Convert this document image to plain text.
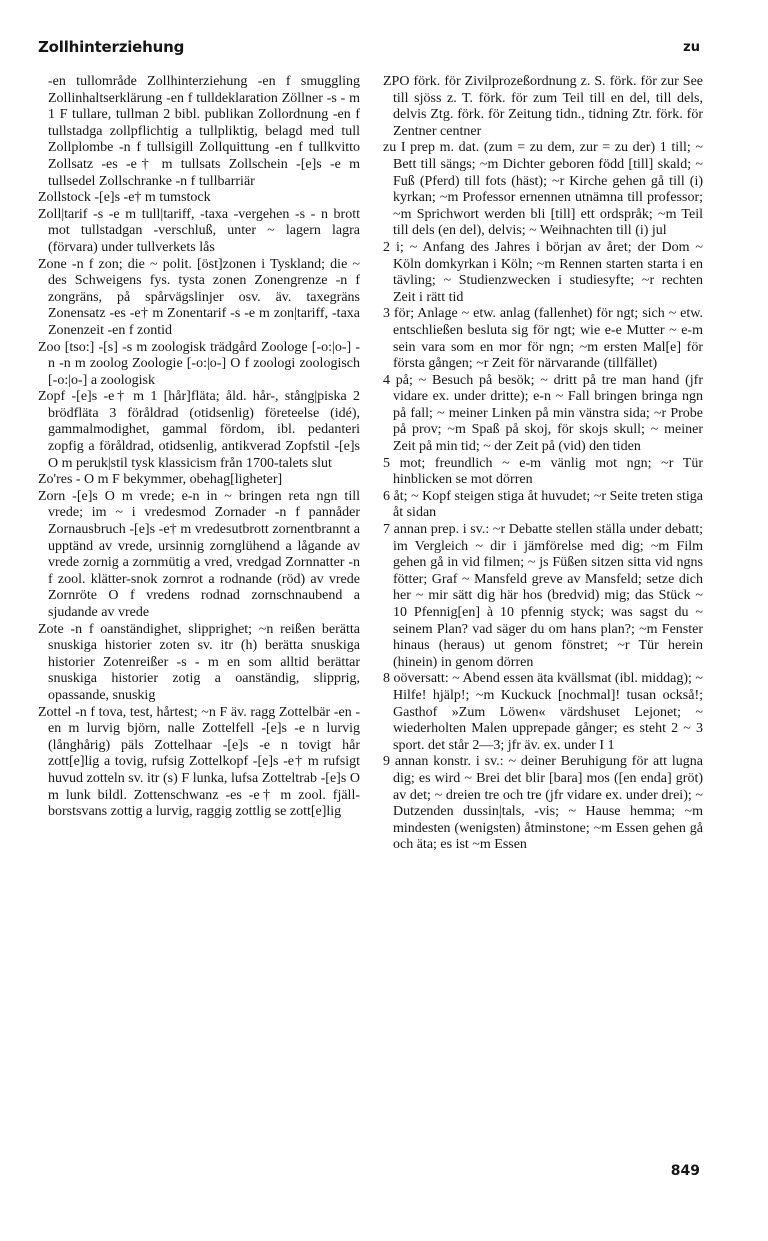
Zollhinterziehung	zu

-en tullområde Zollhinterziehung -en f smuggling Zollinhaltserklärung -en f tulldeklaration Zöllner -s - m 1 F tullare, tullman 2 bibl. publikan Zollordnung -en f tullstadga zollpflichtig a tullpliktig, belagd med tull Zollplombe -n f tullsigill Zollquittung -en f tullkvitto Zollsatz -es -e† m tullsats Zollschein -[e]s -e m tullsedel Zollschranke -n f tullbarriär

Zollstock -[e]s -e† m tumstock

Zoll|tarif -s -e m tull|tariff, -taxa -vergehen -s - n brott mot tullstadgan -verschluß, unter ~ lagern lagra (förvara) under tullverkets lås

Zone -n f zon; die ~ polit. [öst]zonen i Tyskland; die ~ des Schweigens fys. tysta zonen Zonengrenze -n f zongräns, på spårvägslinjer osv. äv. taxegräns Zonensatz -es -e† m Zonentarif -s -e m zon|tariff, -taxa Zonenzeit -en f zontid

Zoo [tso:] -[s] -s m zoologisk trädgård Zoologe [-o:|o-] -n -n m zoolog Zoologie [-o:|o-] O f zoologi zoologisch [-o:|o-] a zoologisk

Zopf -[e]s -e† m 1 [hår]fläta; åld. hår-, stång|piska 2 brödfläta 3 föråldrad (otidsenlig) företeelse (idé), gammalmodighet, gammal fördom, ibl. pedanteri zopfig a föråldrad, otidsenlig, antikverad Zopfstil -[e]s O m peruk|stil tysk klassicism från 1700-talets slut

Zo'res - O m F bekymmer, obehag[ligheter]

Zorn -[e]s O m vrede; e-n in ~ bringen reta ngn till vrede; im ~ i vredesmod Zornader -n f pannåder Zornausbruch -[e]s -e† m vredesutbrott zornentbrannt a upptänd av vrede, ursinnig zornglühend a lågande av vrede zornig a zornmütig a vred, vredgad Zornnatter -n f zool. klätter-snok zornrot a rodnande (röd) av vrede Zornröte O f vredens rodnad zornschnaubend a sjudande av vrede

Zote -n f oanständighet, slipprighet; ~n reißen berätta snuskiga historier zoten sv. itr (h) berätta snuskiga historier Zotenreißer -s - m en som alltid berättar snuskiga historier zotig a oanständig, slipprig, opassande, snuskig

Zottel -n f tova, test, hårtest; ~n F äv. ragg Zottelbär -en -en m lurvig björn, nalle Zottelfell -[e]s -e n lurvig (långhårig) päls Zottelhaar -[e]s -e n tovigt hår zott[e]lig a tovig, rufsig Zottelkopf -[e]s -e† m rufsigt huvud zotteln sv. itr (s) F lunka, lufsa Zotteltrab -[e]s O m lunk bildl. Zottenschwanz -es -e† m zool. fjäll-borstsvans zottig a lurvig, raggig zottlig se zott[e]lig

ZPO förk. för Zivilprozeßordnung z. S. förk. för zur See till sjöss z. T. förk. för zum Teil till en del, till dels, delvis Ztg. förk. för Zeitung tidn., tidning Ztr. förk. för Zentner centner

zu I prep m. dat. (zum = zu dem, zur = zu der) 1 till; ~ Bett till sängs; ~m Dichter geboren född [till] skald; ~ Fuß (Pferd) till fots (häst); ~r Kirche gehen gå till (i) kyrkan; ~m Professor ernennen utnämna till professor; ~m Sprichwort werden bli [till] ett ordspråk; ~m Teil till dels (en del), delvis; ~ Weihnachten till (i) jul

2 i; ~ Anfang des Jahres i början av året; der Dom ~ Köln domkyrkan i Köln; ~m Rennen starten starta i en tävling; ~ Studienzwecken i studiesyfte; ~r rechten Zeit i rätt tid

3 för; Anlage ~ etw. anlag (fallenhet) för ngt; sich ~ etw. entschließen besluta sig för ngt; wie e-e Mutter ~ e-m sein vara som en mor för ngn; ~m ersten Mal[e] för första gången; ~r Zeit för närvarande (tillfället)

4 på; ~ Besuch på besök; ~ dritt på tre man hand (jfr vidare ex. under dritte); e-n ~ Fall bringen bringa ngn på fall; ~ meiner Linken på min vänstra sida; ~r Probe på prov; ~m Spaß på skoj, för skojs skull; ~ meiner Zeit på min tid; ~ der Zeit på (vid) den tiden

5 mot; freundlich ~ e-m vänlig mot ngn; ~r Tür hinblicken se mot dörren

6 åt; ~ Kopf steigen stiga åt huvudet; ~r Seite treten stiga åt sidan

7 annan prep. i sv.: ~r Debatte stellen ställa under debatt; im Vergleich ~ dir i jämförelse med dig; ~m Film gehen gå in vid filmen; ~ js Füßen sitzen sitta vid ngns fötter; Graf ~ Mansfeld greve av Mansfeld; setze dich her ~ mir sätt dig här hos (bredvid) mig; das Stück ~ 10 Pfennig[en] à 10 pfennig styck; was sagst du ~ seinem Plan? vad säger du om hans plan?; ~m Fenster hinaus (heraus) ut genom fönstret; ~r Tür herein (hinein) in genom dörren

8 oöversatt: ~ Abend essen äta kvällsmat (ibl. middag); ~ Hilfe! hjälp!; ~m Kuckuck [nochmal]! tusan också!; Gasthof »Zum Löwen« värdshuset Lejonet; ~ wiederholten Malen upprepade gånger; es steht 2 ~ 3 sport. det står 2—3; jfr äv. ex. under I 1

9 annan konstr. i sv.: ~ deiner Beruhigung för att lugna dig; es wird ~ Brei det blir [bara] mos ([en enda] gröt) av det; ~ dreien tre och tre (jfr vidare ex. under drei); ~ Dutzenden dussin|tals, -vis; ~ Hause hemma; ~m mindesten (wenigsten) åtminstone; ~m Essen gehen gå och äta; es ist ~m Essen

849
